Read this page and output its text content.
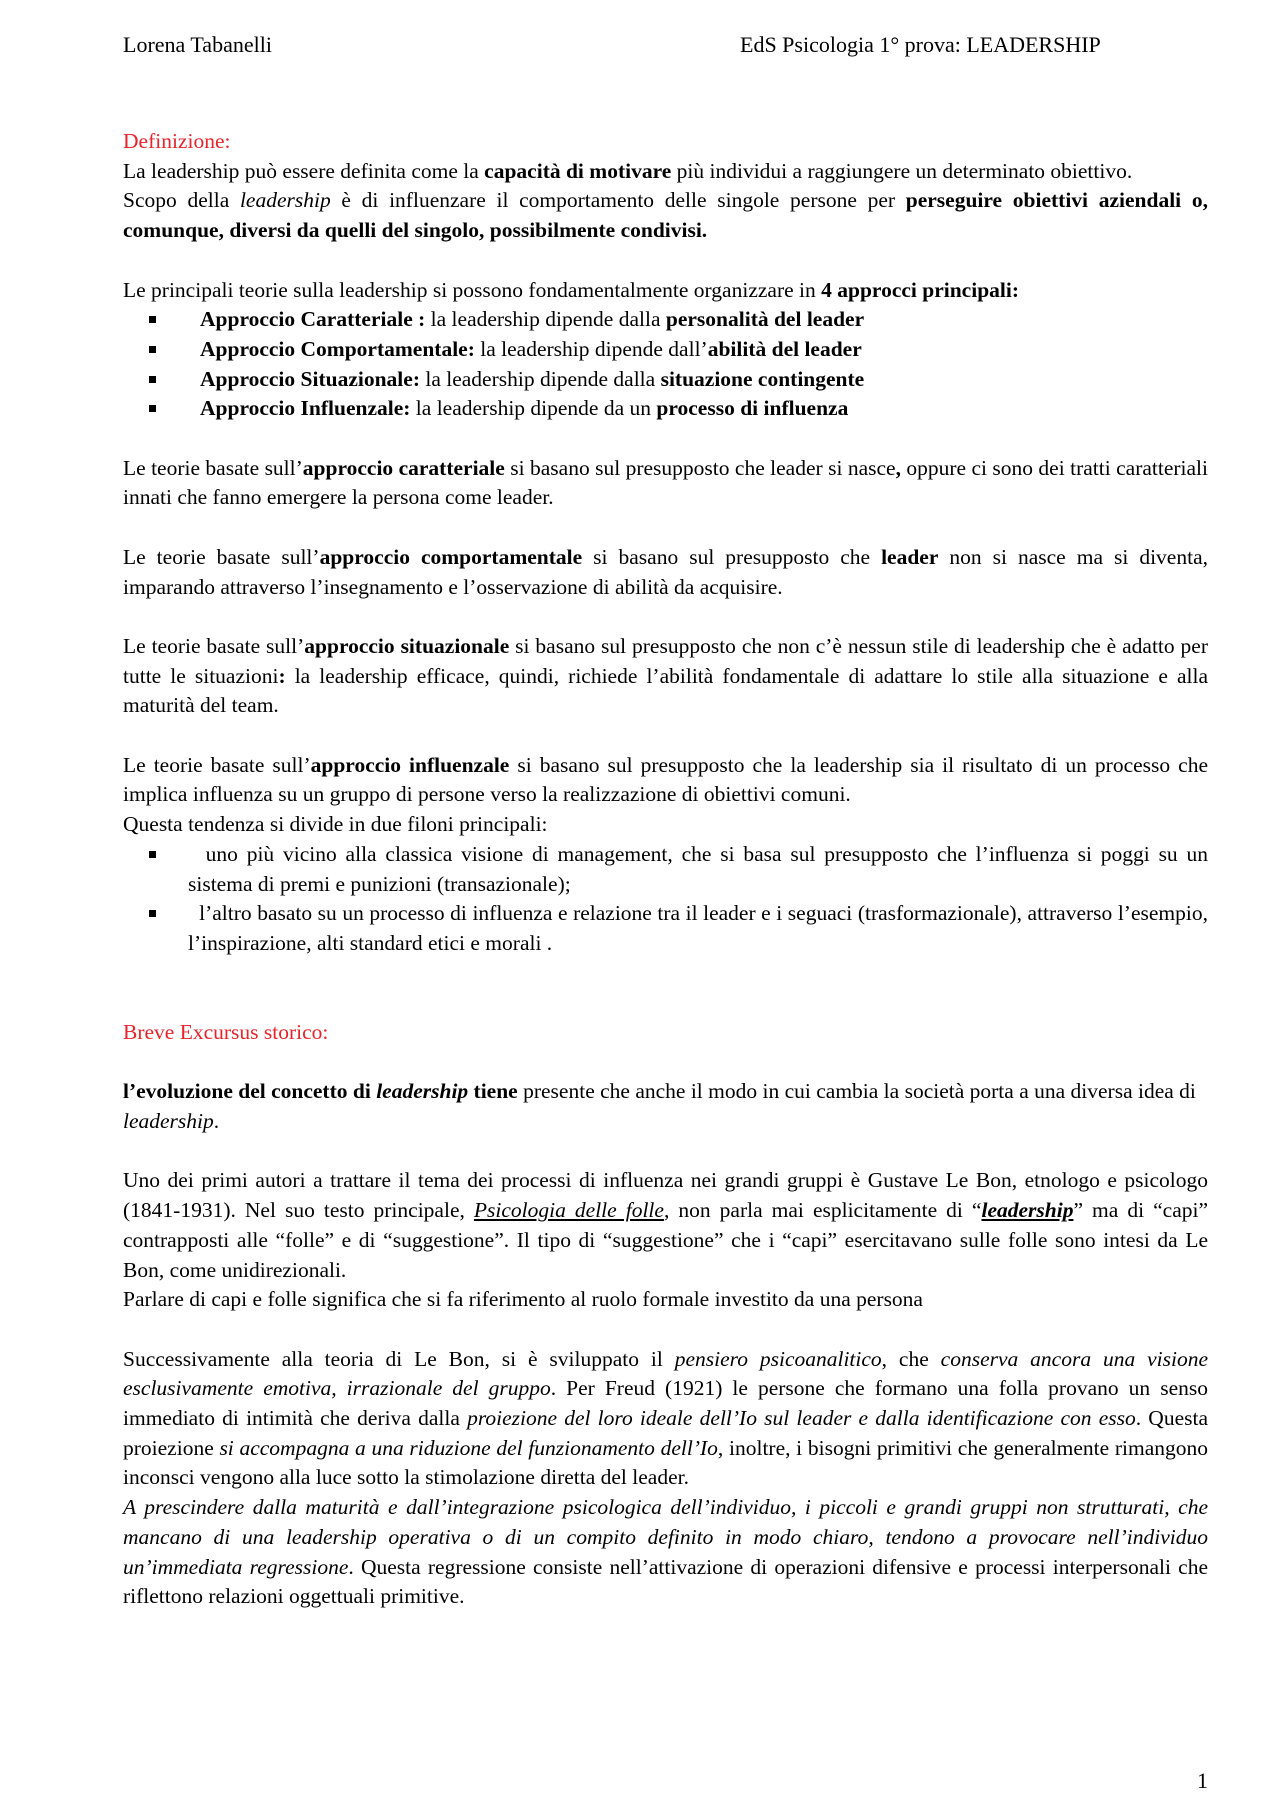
Lorena Tabanelli	EdS Psicologia 1° prova: LEADERSHIP

Definizione:

La leadership può essere definita come la capacità di motivare più individui a raggiungere un determinato obiettivo.

Scopo della leadership è di influenzare il comportamento delle singole persone per perseguire obiettivi aziendali o, comunque, diversi da quelli del singolo, possibilmente condivisi.

Le principali teorie sulla leadership si possono fondamentalmente organizzare in 4 approcci principali:

Approccio Caratteriale : la leadership dipende dalla personalità del leader
Approccio Comportamentale: la leadership dipende dall’abilità del leader
Approccio Situazionale: la leadership dipende dalla situazione contingente
Approccio Influenzale: la leadership dipende da un processo di influenza

Le teorie basate sull’approccio caratteriale si basano sul presupposto che leader si nasce, oppure ci sono dei tratti caratteriali innati che fanno emergere la persona come leader.

Le teorie basate sull’approccio comportamentale si basano sul presupposto che leader non si nasce ma si diventa, imparando attraverso l’insegnamento e l’osservazione di abilità da acquisire.

Le teorie basate sull’approccio situazionale si basano sul presupposto che non c’è nessun stile di leadership che è adatto per tutte le situazioni: la leadership efficace, quindi, richiede l’abilità fondamentale di adattare lo stile alla situazione e alla maturità del team.

Le teorie basate sull’approccio influenzale si basano sul presupposto che la leadership sia il risultato di un processo che implica influenza su un gruppo di persone verso la realizzazione di obiettivi comuni.

Questa tendenza si divide in due filoni principali:

uno più vicino alla classica visione di management, che si basa sul presupposto che l’influenza si poggi su un sistema di premi e punizioni (transazionale);
l’altro basato su un processo di influenza e relazione tra il leader e i seguaci (trasformazionale), attraverso l’esempio, l’inspirazione, alti standard etici e morali .

Breve Excursus storico:

l’evoluzione del concetto di leadership tiene presente che anche il modo in cui cambia la società porta a una diversa idea di leadership.

Uno dei primi autori a trattare il tema dei processi di influenza nei grandi gruppi è Gustave Le Bon, etnologo e psicologo (1841-1931). Nel suo testo principale, Psicologia delle folle, non parla mai esplicitamente di “leadership” ma di “capi” contrapposti alle “folle” e di “suggestione”. Il tipo di “suggestione” che i “capi” esercitavano sulle folle sono intesi da Le Bon, come unidirezionali.

Parlare di capi e folle significa che si fa riferimento al ruolo formale investito da una persona

Successivamente alla teoria di Le Bon, si è sviluppato il pensiero psicoanalitico, che conserva ancora una visione esclusivamente emotiva, irrazionale del gruppo. Per Freud (1921) le persone che formano una folla provano un senso immediato di intimità che deriva dalla proiezione del loro ideale dell’Io sul leader e dalla identificazione con esso. Questa proiezione si accompagna a una riduzione del funzionamento dell’Io, inoltre, i bisogni primitivi che generalmente rimangono inconsci vengono alla luce sotto la stimolazione diretta del leader.

A prescindere dalla maturità e dall’integrazione psicologica dell’individuo, i piccoli e grandi gruppi non strutturati, che mancano di una leadership operativa o di un compito definito in modo chiaro, tendono a provocare nell’individuo un’immediata regressione. Questa regressione consiste nell’attivazione di operazioni difensive e processi interpersonali che riflettono relazioni oggettuali primitive.

1
